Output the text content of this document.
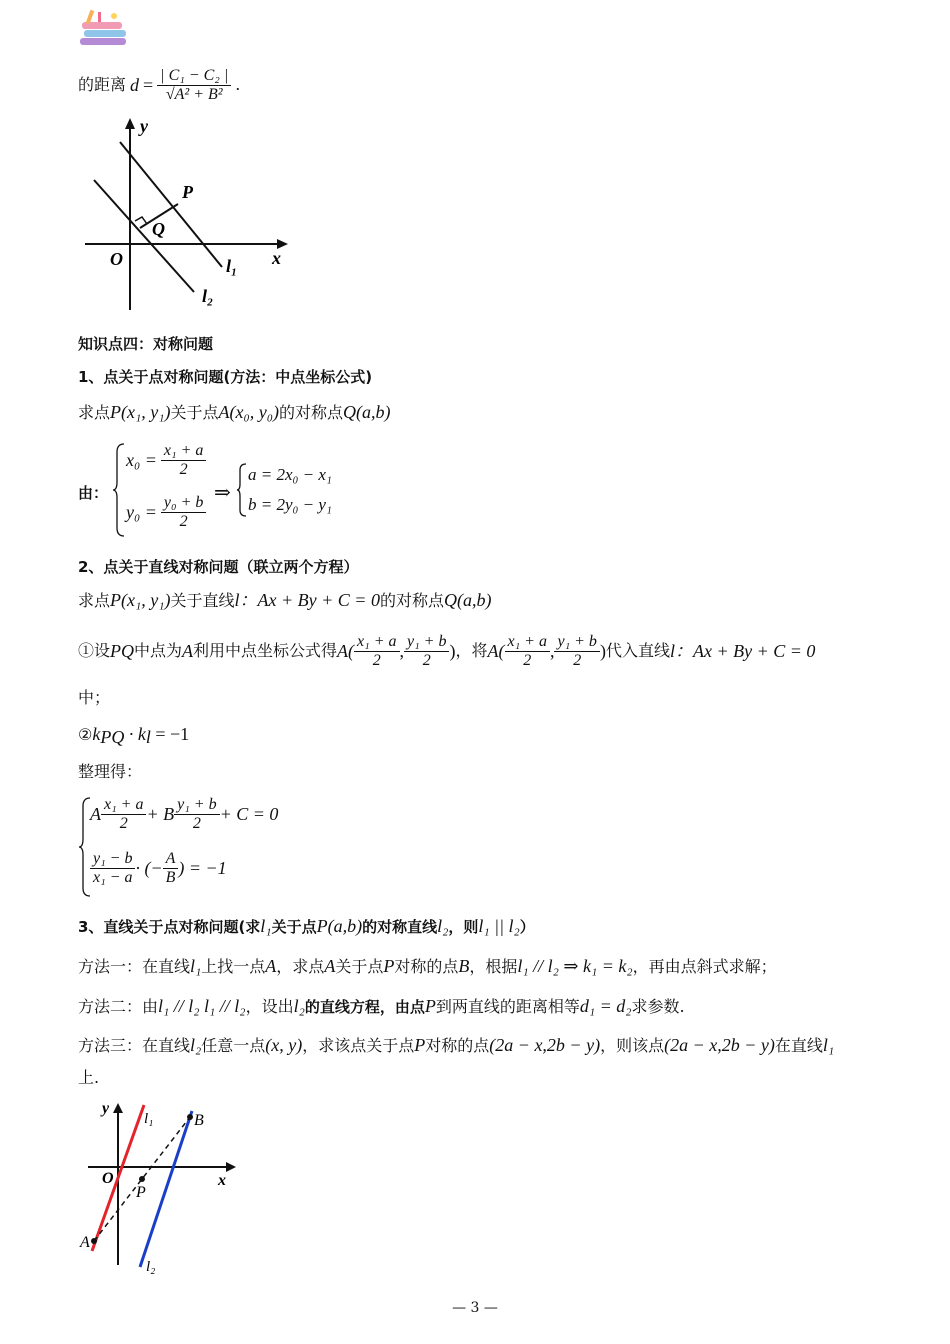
的距离 $d = \frac{\text{| C₁ − C₂ |}}{\text{√A² + B²}}$ .
y
x
O
P
Q
l₁
l₂
知识点四：对称问题
1、点关于点对称问题(方法：中点坐标公式)
求点P(x₁, y₁)关于点A(x₀, y₀)的对称点Q(a,b)
由：
$x_0 = \frac{\text{x₁ + a}}{2}$
$y_0 = \frac{\text{y₀ + b}}{2}$
⇒
a = 2x₀ − x₁
b = 2y₀ − y₁
2、点关于直线对称问题（联立两个方程）
求点P(x₁, y₁)关于直线l：Ax + By + C = 0的对称点Q(a,b)
①设 PQ 中点为 A 利用中点坐标公式得 $A( \frac{\text{x₁ + a}}{2}$ , $\frac{\text{y₁ + b}}{2}$ ) ，将 $A( \frac{\text{x₁ + a}}{2}$ , $\frac{\text{y₁ + b}}{2}$ ) 代入直线 l： Ax + By + C = 0
中；
$②k_{PQ} \cdot k_l = -1$
整理得：
A $\frac{\text{x₁ + a}}{2} + B \frac{\text{y₁ + b}}{2} + C = 0$
$\frac{\text{y₁ − b}}{\text{x₁ − a}}$ · (− $\frac{A}{B}$ ) = −1
3、直线关于点对称问题(求l₁关于点P(a,b)的对称直线l₂，则l₁ || l₂）
方法一：在直线l₁上找一点A，求点A关于点P对称的点B，根据l₁ // l₂ ⇒ k₁ = k₂，再由点斜式求解；
方法二：由l₁ // l₂ l₁ // l₂，设出l₂的直线方程，由点P到两直线的距离相等d₁ = d₂求参数.
方法三：在直线l₂任意一点(x, y)，求该点关于点P对称的点(2a − x,2b − y)，则该点(2a − x,2b − y)在直线l₁
上.
y
x
O
P
A
B
l₁
l₂
— 3 —
